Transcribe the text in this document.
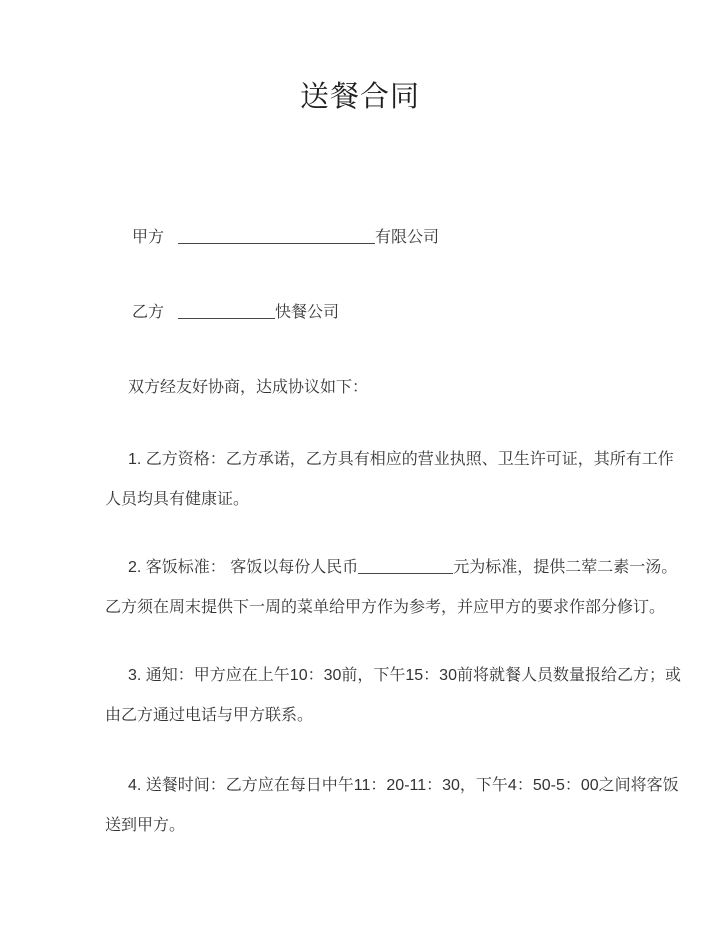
送餐合同
甲方	有限公司
乙方	快餐公司
双方经友好协商，达成协议如下：
1. 乙方资格：乙方承诺，乙方具有相应的营业执照、卫生许可证，其所有工作
人员均具有健康证。
2. 客饭标准： 客饭以每份人民币	元为标准，提供二荤二素一汤。
乙方须在周末提供下一周的菜单给甲方作为参考，并应甲方的要求作部分修订。
3. 通知：甲方应在上午10：30前，下午15：30前将就餐人员数量报给乙方；或
由乙方通过电话与甲方联系。
4. 送餐时间：乙方应在每日中午11：20-11：30，下午4：50-5：00之间将客饭
送到甲方。
